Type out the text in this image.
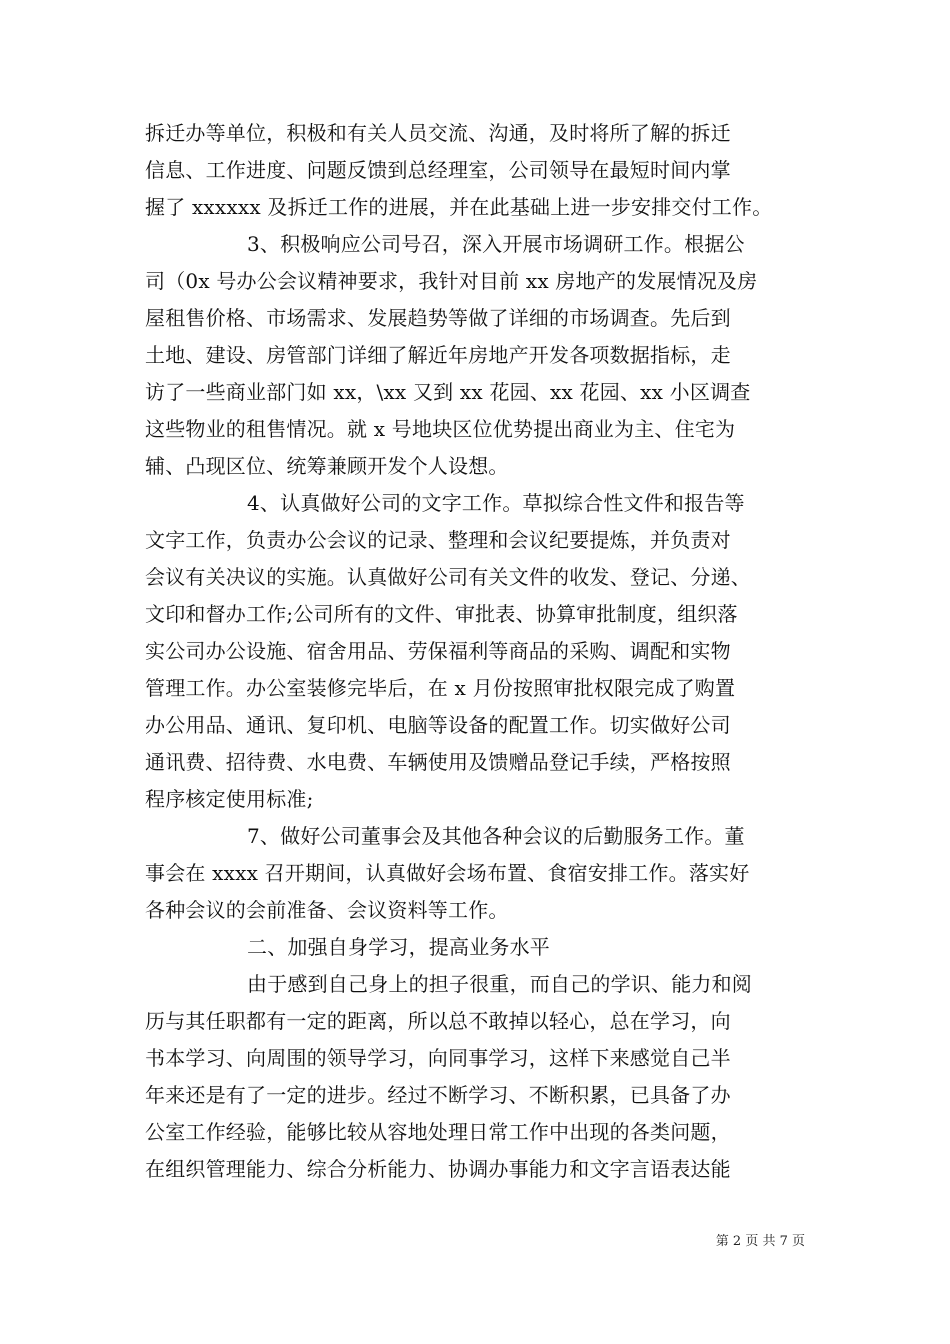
拆迁办等单位，积极和有关人员交流、沟通，及时将所了解的拆迁
信息、工作进度、问题反馈到总经理室，公司领导在最短时间内掌
握了 xxxxxx 及拆迁工作的进展，并在此基础上进一步安排交付工作。
3、积极响应公司号召，深入开展市场调研工作。根据公
司（0x 号办公会议精神要求，我针对目前 xx 房地产的发展情况及房
屋租售价格、市场需求、发展趋势等做了详细的市场调查。先后到
土地、建设、房管部门详细了解近年房地产开发各项数据指标，走
访了一些商业部门如 xx，\xx 又到 xx 花园、xx 花园、xx 小区调查
这些物业的租售情况。就 x 号地块区位优势提出商业为主、住宅为
辅、凸现区位、统筹兼顾开发个人设想。
4、认真做好公司的文字工作。草拟综合性文件和报告等
文字工作，负责办公会议的记录、整理和会议纪要提炼，并负责对
会议有关决议的实施。认真做好公司有关文件的收发、登记、分递、
文印和督办工作;公司所有的文件、审批表、协算审批制度，组织落
实公司办公设施、宿舍用品、劳保福利等商品的采购、调配和实物
管理工作。办公室装修完毕后，在 x 月份按照审批权限完成了购置
办公用品、通讯、复印机、电脑等设备的配置工作。切实做好公司
通讯费、招待费、水电费、车辆使用及馈赠品登记手续，严格按照
程序核定使用标准;
7、做好公司董事会及其他各种会议的后勤服务工作。董
事会在 xxxx 召开期间，认真做好会场布置、食宿安排工作。落实好
各种会议的会前准备、会议资料等工作。
二、加强自身学习，提高业务水平
由于感到自己身上的担子很重，而自己的学识、能力和阅
历与其任职都有一定的距离，所以总不敢掉以轻心，总在学习，向
书本学习、向周围的领导学习，向同事学习，这样下来感觉自己半
年来还是有了一定的进步。经过不断学习、不断积累，已具备了办
公室工作经验，能够比较从容地处理日常工作中出现的各类问题，
在组织管理能力、综合分析能力、协调办事能力和文字言语表达能
第 2 页 共 7 页
